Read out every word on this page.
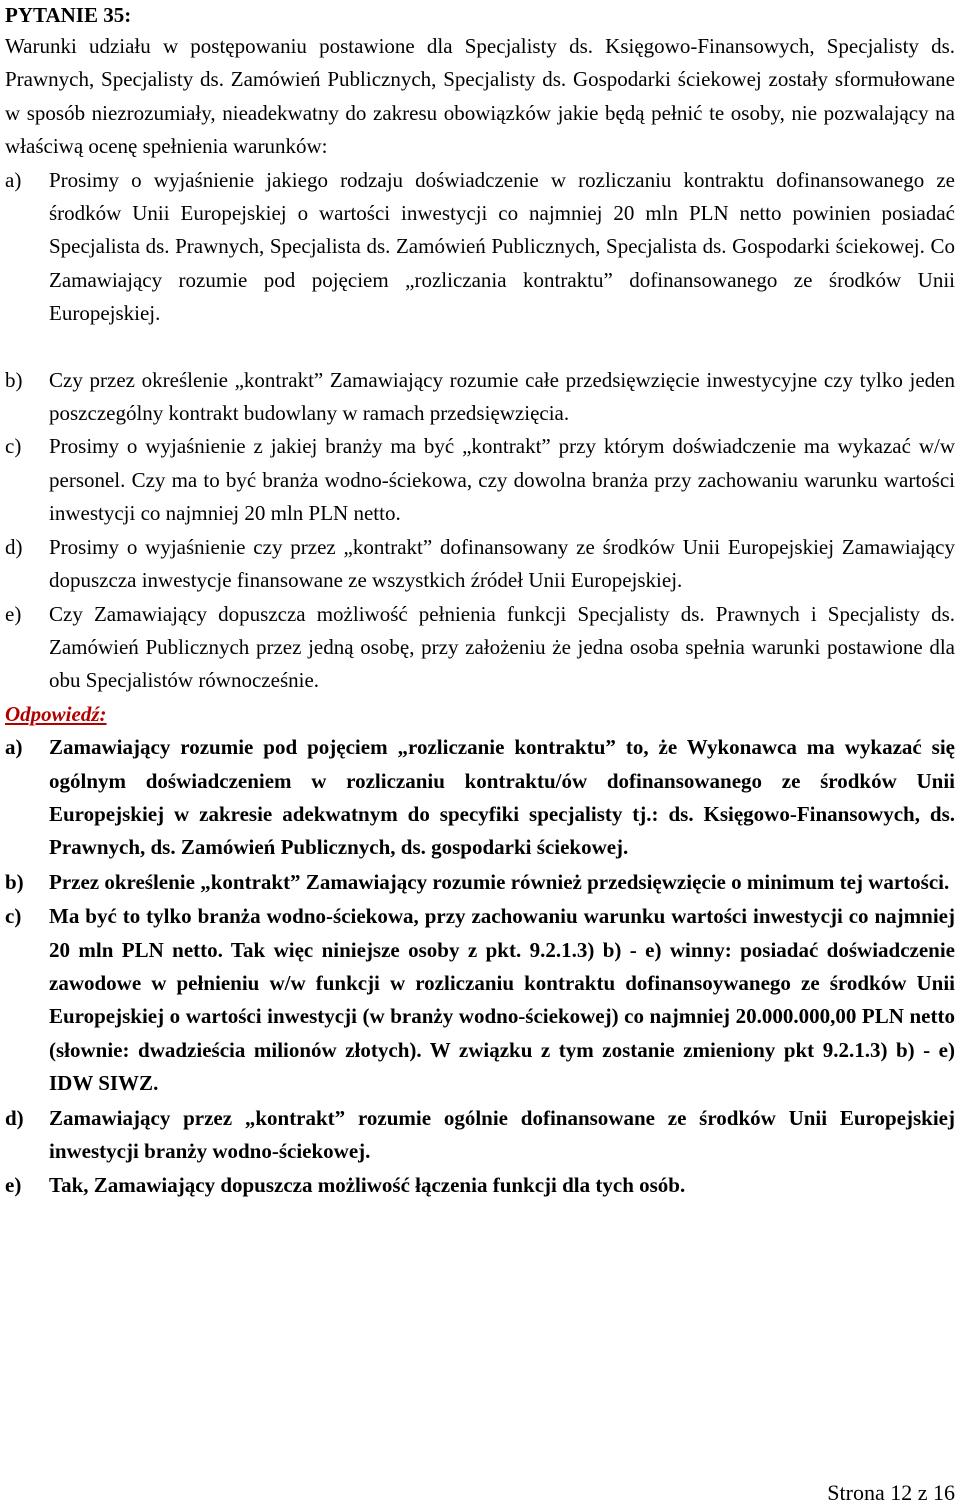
PYTANIE 35:

Warunki udziału w postępowaniu postawione dla Specjalisty ds. Księgowo-Finansowych, Specjalisty ds. Prawnych, Specjalisty ds. Zamówień Publicznych, Specjalisty ds. Gospodarki ściekowej zostały sformułowane w sposób niezrozumiały, nieadekwatny do zakresu obowiązków jakie będą pełnić te osoby, nie pozwalający na właściwą ocenę spełnienia warunków:

a) Prosimy o wyjaśnienie jakiego rodzaju doświadczenie w rozliczaniu kontraktu dofinansowanego ze środków Unii Europejskiej o wartości inwestycji co najmniej 20 mln PLN netto powinien posiadać Specjalista ds. Prawnych, Specjalista ds. Zamówień Publicznych, Specjalista ds. Gospodarki ściekowej. Co Zamawiający rozumie pod pojęciem „rozliczania kontraktu” dofinansowanego ze środków Unii Europejskiej.
b) Czy przez określenie „kontrakt” Zamawiający rozumie całe przedsięwzięcie inwestycyjne czy tylko jeden poszczególny kontrakt budowlany w ramach przedsięwzięcia.
c) Prosimy o wyjaśnienie z jakiej branży ma być „kontrakt” przy którym doświadczenie ma wykazać w/w personel. Czy ma to być branża wodno-ściekowa, czy dowolna branża przy zachowaniu warunku wartości inwestycji co najmniej 20 mln PLN netto.
d) Prosimy o wyjaśnienie czy przez „kontrakt” dofinansowany ze środków Unii Europejskiej Zamawiający dopuszcza inwestycje finansowane ze wszystkich źródeł Unii Europejskiej.
e) Czy Zamawiający dopuszcza możliwość pełnienia funkcji Specjalisty ds. Prawnych i Specjalisty ds. Zamówień Publicznych przez jedną osobę, przy założeniu że jedna osoba spełnia warunki postawione dla obu Specjalistów równocześnie.

Odpowiedź:

a) Zamawiający rozumie pod pojęciem „rozliczanie kontraktu” to, że Wykonawca ma wykazać się ogólnym doświadczeniem w rozliczaniu kontraktu/ów dofinansowanego ze środków Unii Europejskiej w zakresie adekwatnym do specyfiki specjalisty tj.: ds. Księgowo-Finansowych, ds. Prawnych, ds. Zamówień Publicznych, ds. gospodarki ściekowej.
b) Przez określenie „kontrakt” Zamawiający rozumie również przedsięwzięcie o minimum tej wartości.
c) Ma być to tylko branża wodno-ściekowa, przy zachowaniu warunku wartości inwestycji co najmniej 20 mln PLN netto. Tak więc niniejsze osoby z pkt. 9.2.1.3) b) - e) winny: posiadać doświadczenie zawodowe w pełnieniu w/w funkcji w rozliczaniu kontraktu dofinansoywanego ze środków Unii Europejskiej o wartości inwestycji (w branży wodno-ściekowej) co najmniej 20.000.000,00 PLN netto (słownie: dwadzieścia milionów złotych). W związku z tym zostanie zmieniony pkt 9.2.1.3) b) - e) IDW SIWZ.
d) Zamawiający przez „kontrakt” rozumie ogólnie dofinansowane ze środków Unii Europejskiej inwestycji branży wodno-ściekowej.
e) Tak, Zamawiający dopuszcza możliwość łączenia funkcji dla tych osób.
Strona 12 z 16
